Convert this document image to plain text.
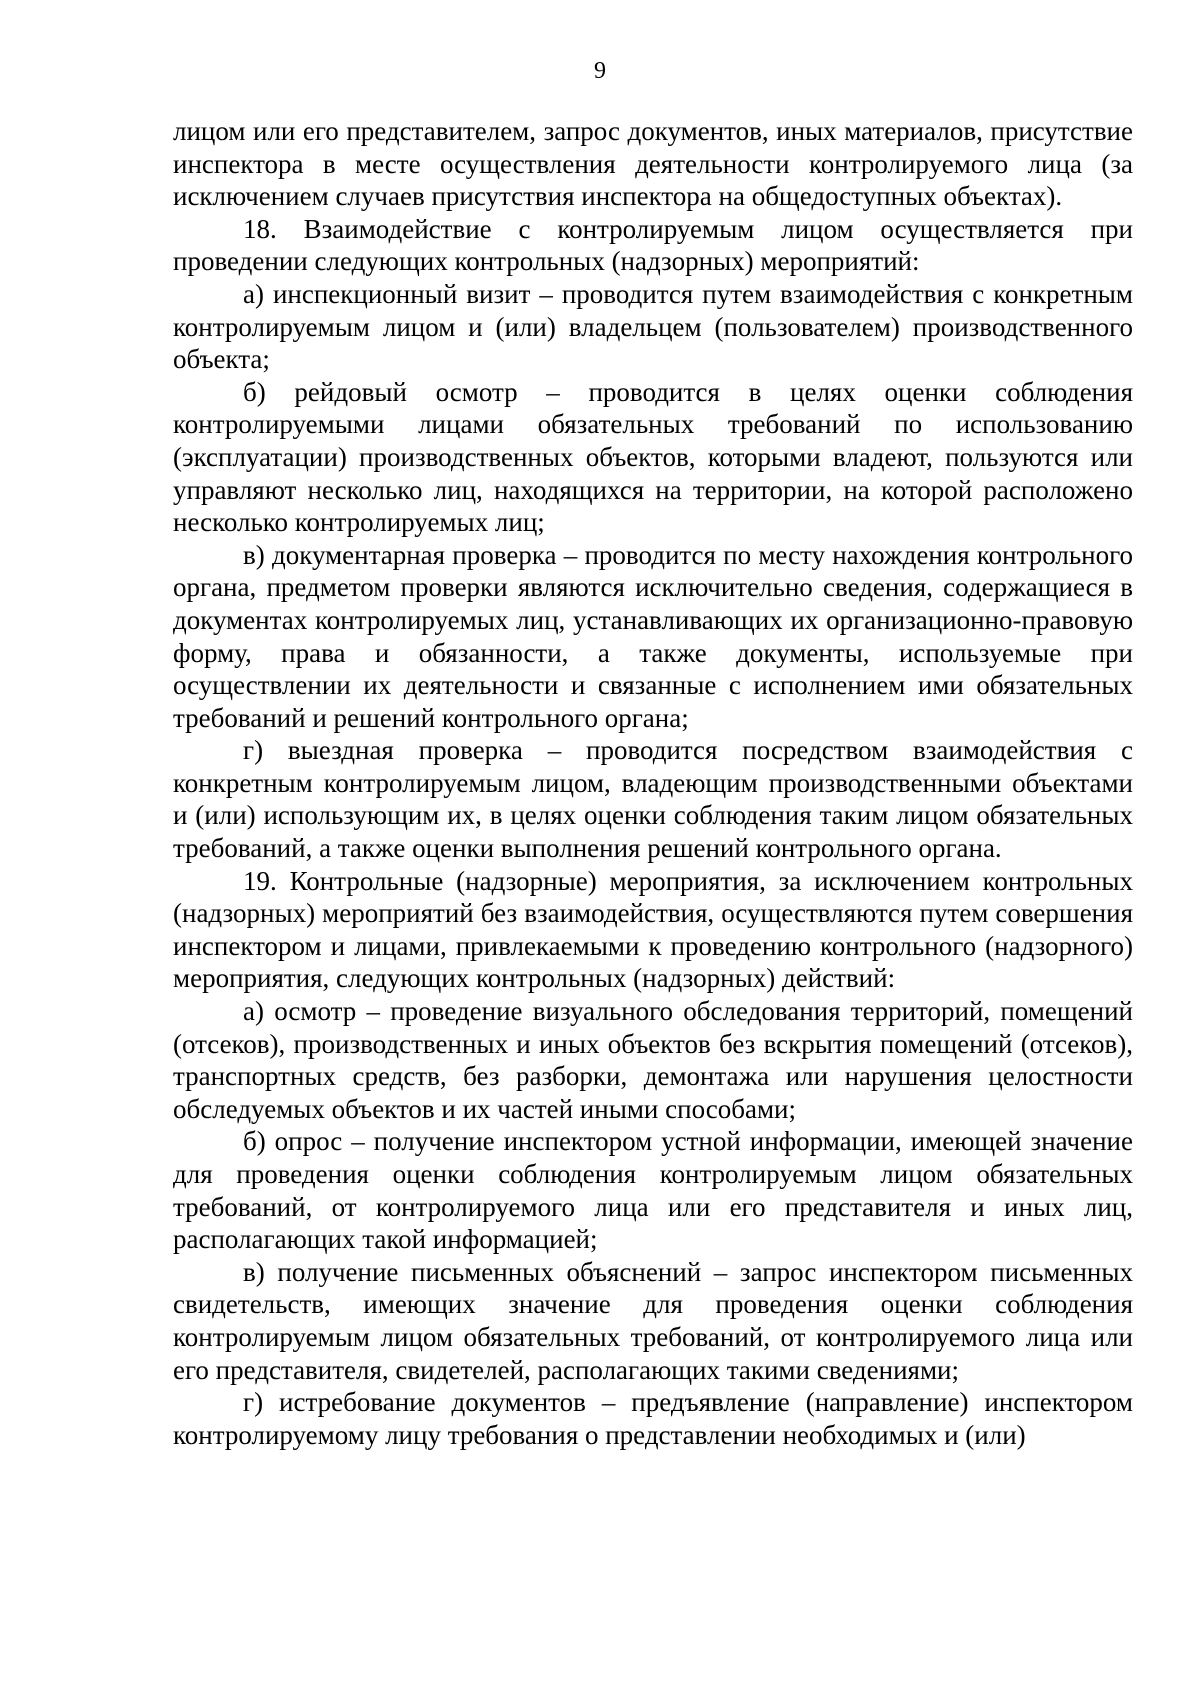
9

лицом или его представителем, запрос документов, иных материалов, присутствие инспектора в месте осуществления деятельности контролируемого лица (за исключением случаев присутствия инспектора на общедоступных объектах).

18. Взаимодействие с контролируемым лицом осуществляется при проведении следующих контрольных (надзорных) мероприятий:

а) инспекционный визит – проводится путем взаимодействия с конкретным контролируемым лицом и (или) владельцем (пользователем) производственного объекта;

б) рейдовый осмотр – проводится в целях оценки соблюдения контролируемыми лицами обязательных требований по использованию (эксплуатации) производственных объектов, которыми владеют, пользуются или управляют несколько лиц, находящихся на территории, на которой расположено несколько контролируемых лиц;

в) документарная проверка – проводится по месту нахождения контрольного органа, предметом проверки являются исключительно сведения, содержащиеся в документах контролируемых лиц, устанавливающих их организационно-правовую форму, права и обязанности, а также документы, используемые при осуществлении их деятельности и связанные с исполнением ими обязательных требований и решений контрольного органа;

г) выездная проверка – проводится посредством взаимодействия с конкретным контролируемым лицом, владеющим производственными объектами и (или) использующим их, в целях оценки соблюдения таким лицом обязательных требований, а также оценки выполнения решений контрольного органа.

19. Контрольные (надзорные) мероприятия, за исключением контрольных (надзорных) мероприятий без взаимодействия, осуществляются путем совершения инспектором и лицами, привлекаемыми к проведению контрольного (надзорного) мероприятия, следующих контрольных (надзорных) действий:

а) осмотр – проведение визуального обследования территорий, помещений (отсеков), производственных и иных объектов без вскрытия помещений (отсеков), транспортных средств, без разборки, демонтажа или нарушения целостности обследуемых объектов и их частей иными способами;

б) опрос – получение инспектором устной информации, имеющей значение для проведения оценки соблюдения контролируемым лицом обязательных требований, от контролируемого лица или его представителя и иных лиц, располагающих такой информацией;

в) получение письменных объяснений – запрос инспектором письменных свидетельств, имеющих значение для проведения оценки соблюдения контролируемым лицом обязательных требований, от контролируемого лица или его представителя, свидетелей, располагающих такими сведениями;

г) истребование документов – предъявление (направление) инспектором контролируемому лицу требования о представлении необходимых и (или)
